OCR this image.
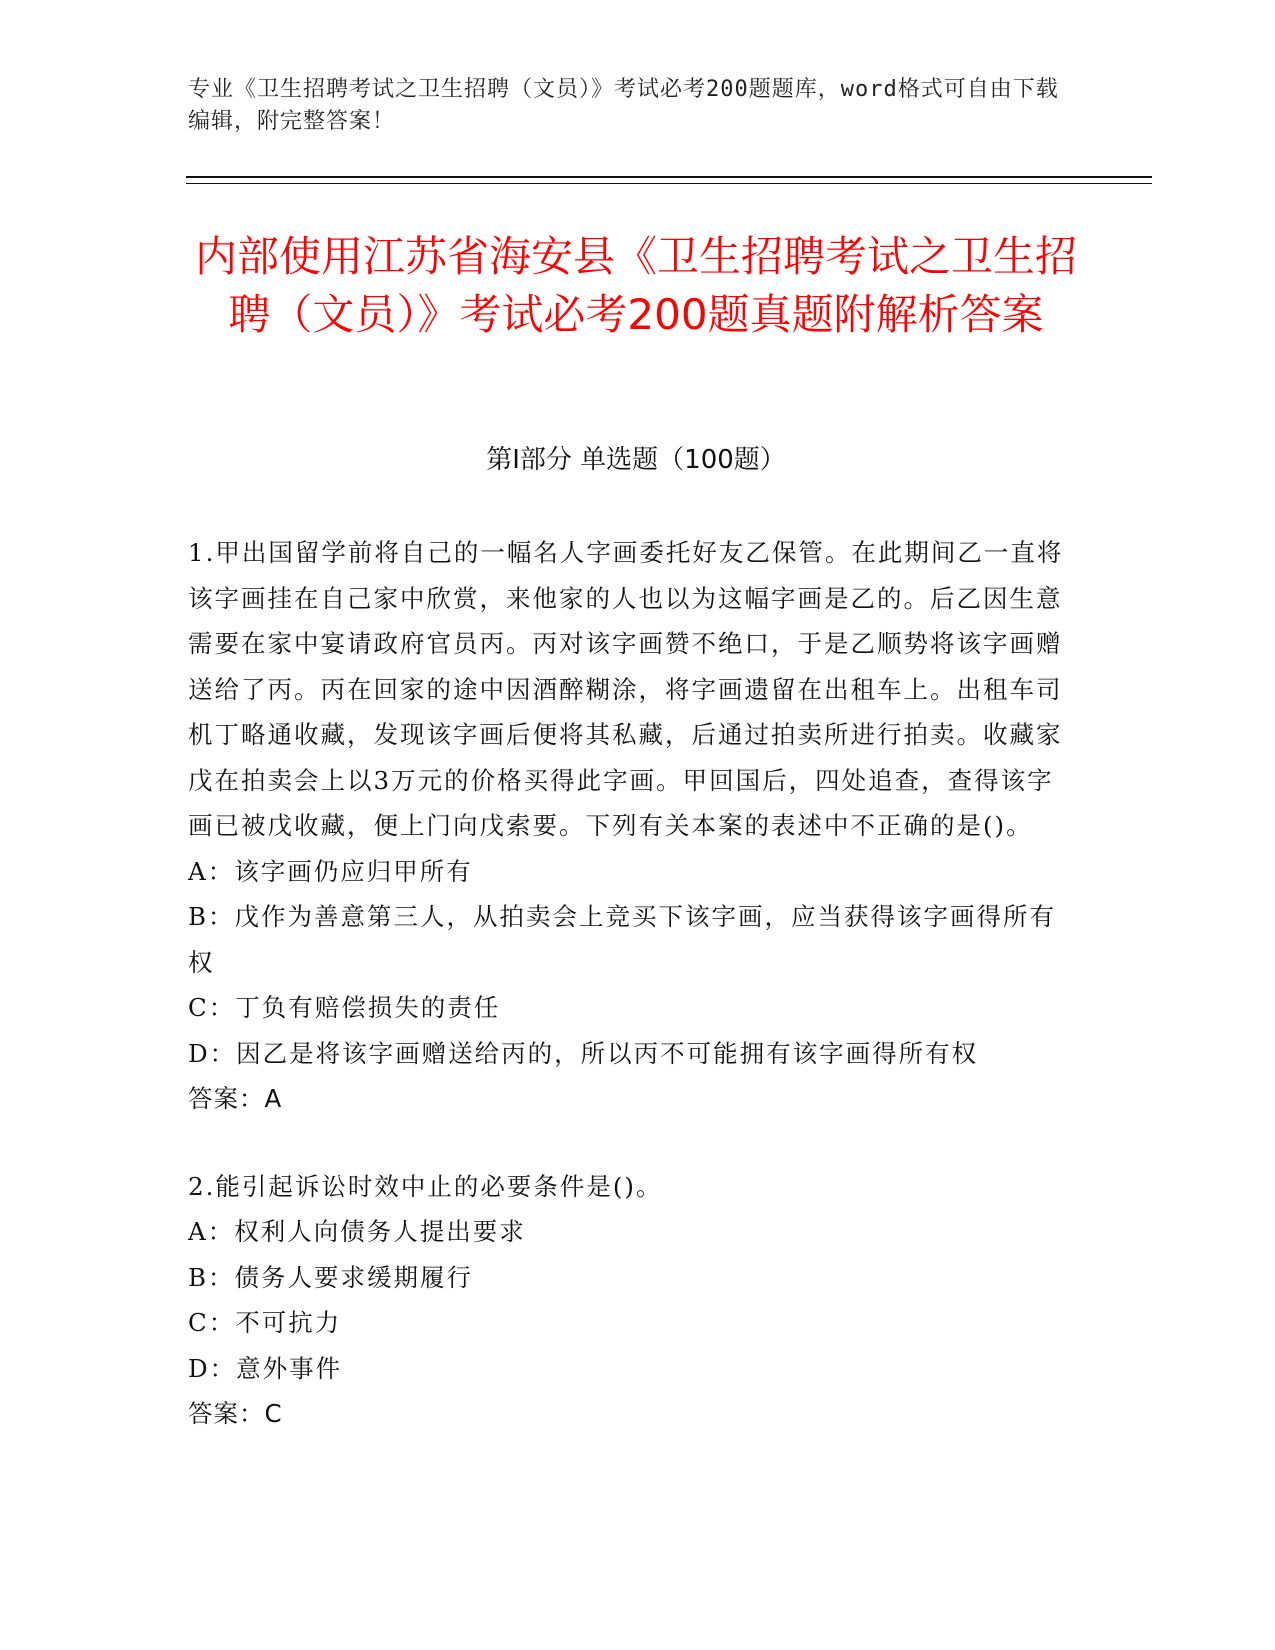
专业《卫生招聘考试之卫生招聘（文员）》考试必考200题题库，word格式可自由下载编辑，附完整答案！
内部使用江苏省海安县《卫生招聘考试之卫生招聘（文员）》考试必考200题真题附解析答案
第I部分 单选题（100题）
1.甲出国留学前将自己的一幅名人字画委托好友乙保管。在此期间乙一直将该字画挂在自己家中欣赏，来他家的人也以为这幅字画是乙的。后乙因生意需要在家中宴请政府官员丙。丙对该字画赞不绝口，于是乙顺势将该字画赠送给了丙。丙在回家的途中因酒醉糊涂，将字画遗留在出租车上。出租车司机丁略通收藏，发现该字画后便将其私藏，后通过拍卖所进行拍卖。收藏家戊在拍卖会上以3万元的价格买得此字画。甲回国后，四处追查，查得该字画已被戊收藏，便上门向戊索要。下列有关本案的表述中不正确的是()。
A：该字画仍应归甲所有
B：戊作为善意第三人，从拍卖会上竞买下该字画，应当获得该字画得所有权
C：丁负有赔偿损失的责任
D：因乙是将该字画赠送给丙的，所以丙不可能拥有该字画得所有权
答案：A
2.能引起诉讼时效中止的必要条件是()。
A：权利人向债务人提出要求
B：债务人要求缓期履行
C：不可抗力
D：意外事件
答案：C
